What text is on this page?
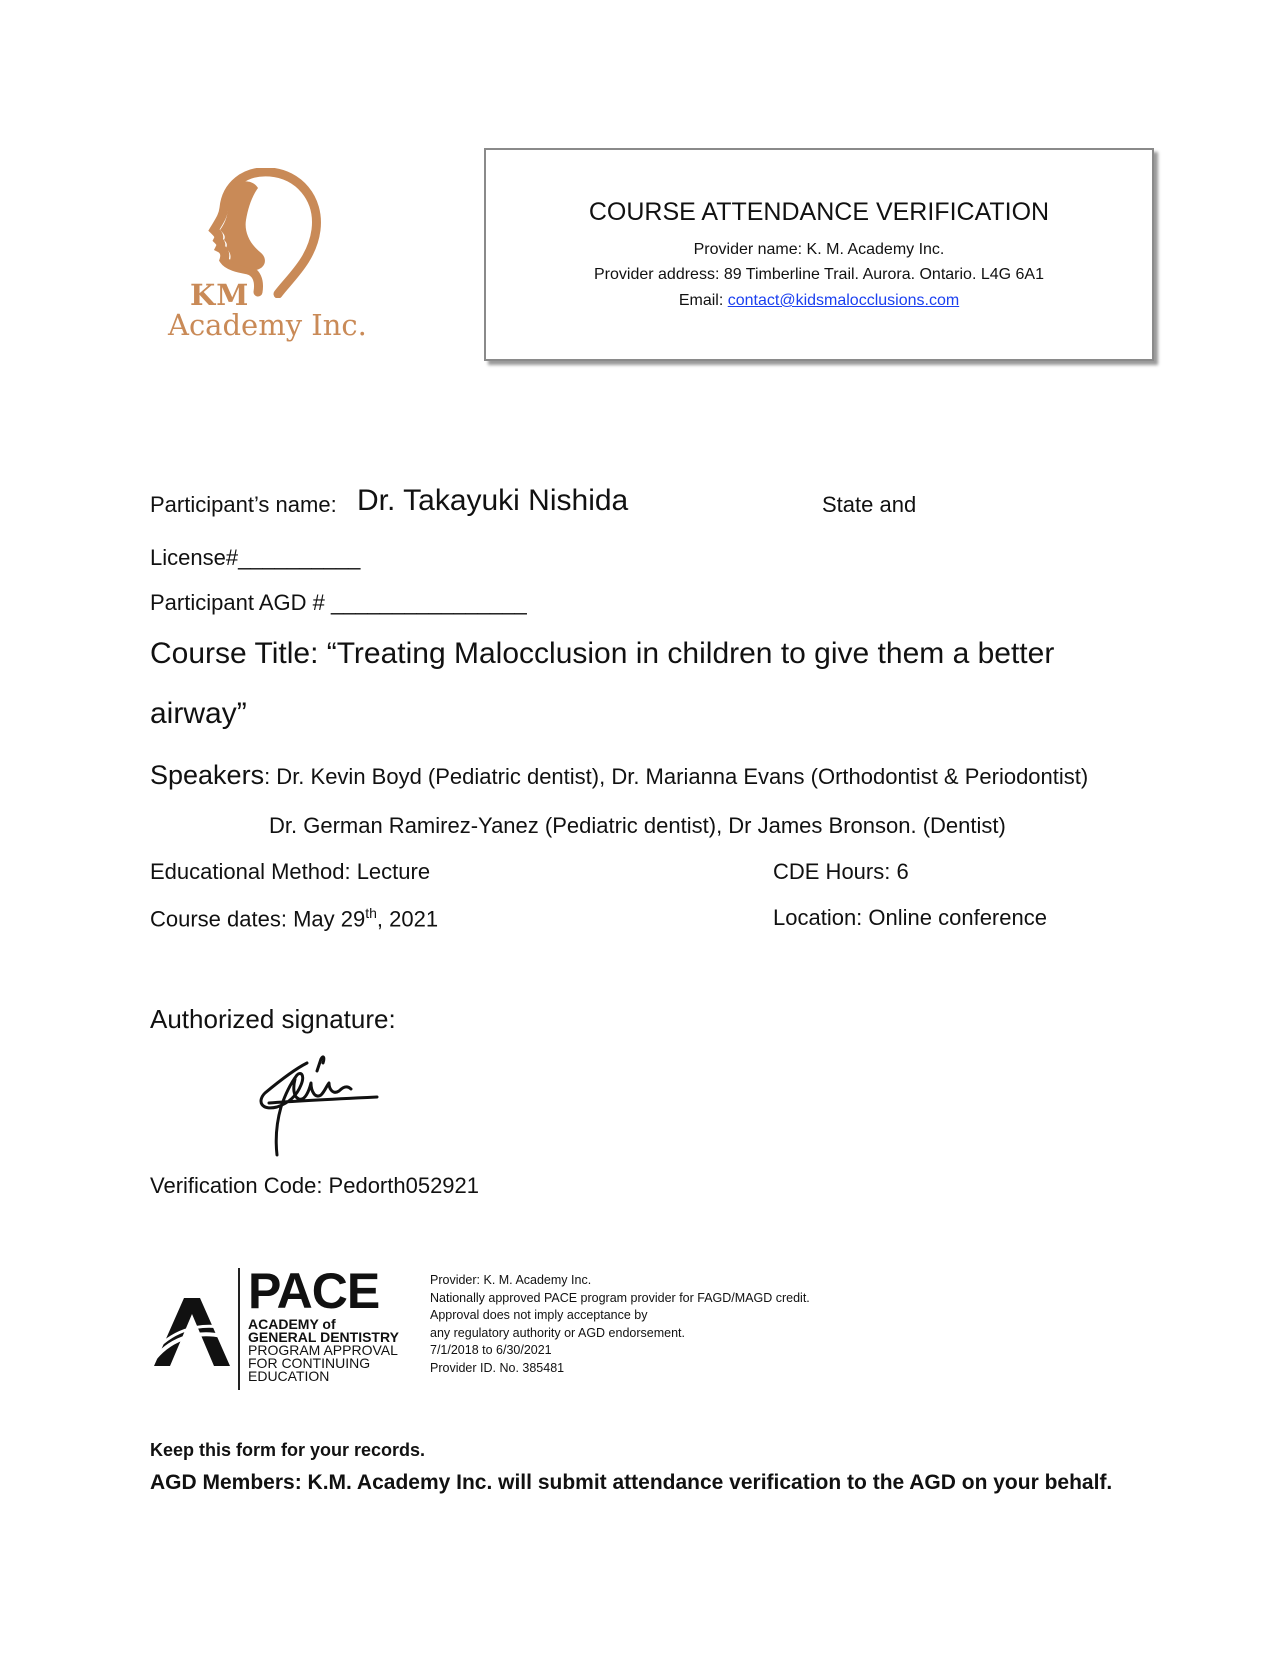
KM
Academy Inc.
COURSE ATTENDANCE VERIFICATION
Provider name: K. M. Academy Inc.
Provider address: 89 Timberline Trail. Aurora. Ontario. L4G 6A1
Email: contact@kidsmalocclusions.com
Participant’s name: Dr. Takayuki Nishida	State and
License#__________
Participant AGD # ________________
Course Title: “Treating Malocclusion in children to give them a better
airway”
Speakers: Dr. Kevin Boyd (Pediatric dentist), Dr. Marianna Evans (Orthodontist & Periodontist)
Dr. German Ramirez-Yanez (Pediatric dentist), Dr James Bronson. (Dentist)
Educational Method: Lecture	CDE Hours: 6
Course dates: May 29th, 2021	Location: Online conference
Authorized signature:
Verification Code: Pedorth052921
PACE
ACADEMY of
GENERAL DENTISTRY
PROGRAM APPROVAL
FOR CONTINUING
EDUCATION
Provider: K. M. Academy Inc.
Nationally approved PACE program provider for FAGD/MAGD credit.
Approval does not imply acceptance by
any regulatory authority or AGD endorsement.
7/1/2018 to 6/30/2021
Provider ID. No. 385481
Keep this form for your records.
AGD Members: K.M. Academy Inc. will submit attendance verification to the AGD on your behalf.
